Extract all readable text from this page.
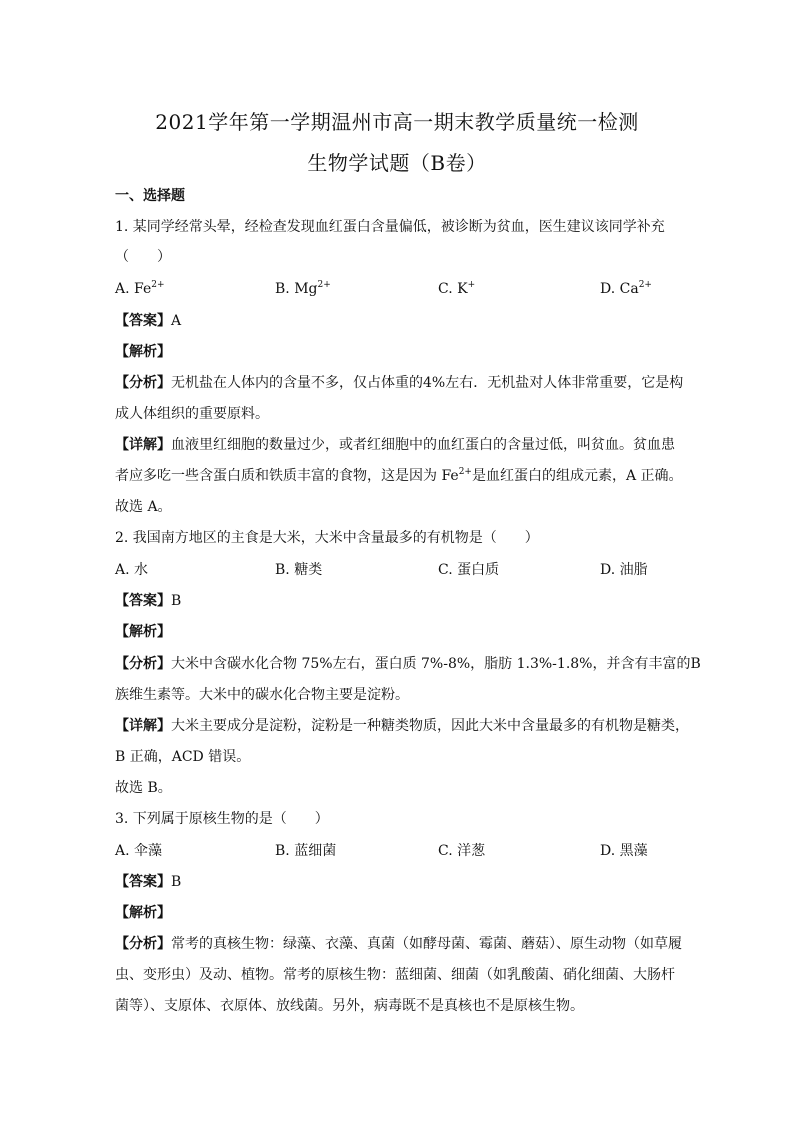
2021学年第一学期温州市高一期末教学质量统一检测
生物学试题（B卷）
一、选择题
1. 某同学经常头晕，经检查发现血红蛋白含量偏低，被诊断为贫血，医生建议该同学补充
（　　）
A. $Fe^{2+}$	B. $Mg^{2+}$	C. K+	D. $Ca^{2+}$
【答案】A
【解析】
【分析】无机盐在人体内的含量不多，仅占体重的4%左右．无机盐对人体非常重要，它是构
成人体组织的重要原料。
【详解】血液里红细胞的数量过少，或者红细胞中的血红蛋白的含量过低，叫贫血。贫血患
者应多吃一些含蛋白质和铁质丰富的食物，这是因为 $Fe^{2+}$是血红蛋白的组成元素，A 正确。
故选 A。
2. 我国南方地区的主食是大米，大米中含量最多的有机物是（　　）
A. 水	B. 糖类	C. 蛋白质	D. 油脂
【答案】B
【解析】
【分析】大米中含碳水化合物 75%左右，蛋白质 7%-8%，脂肪 1.3%-1.8%，并含有丰富的B
族维生素等。大米中的碳水化合物主要是淀粉。
【详解】大米主要成分是淀粉，淀粉是一种糖类物质，因此大米中含量最多的有机物是糖类，
B 正确，ACD 错误。
故选 B。
3. 下列属于原核生物的是（　　）
A. 伞藻	B. 蓝细菌	C. 洋葱	D. 黑藻
【答案】B
【解析】
【分析】常考的真核生物：绿藻、衣藻、真菌（如酵母菌、霉菌、蘑菇）、原生动物（如草履
虫、变形虫）及动、植物。常考的原核生物：蓝细菌、细菌（如乳酸菌、硝化细菌、大肠杆
菌等）、支原体、衣原体、放线菌。另外，病毒既不是真核也不是原核生物。
